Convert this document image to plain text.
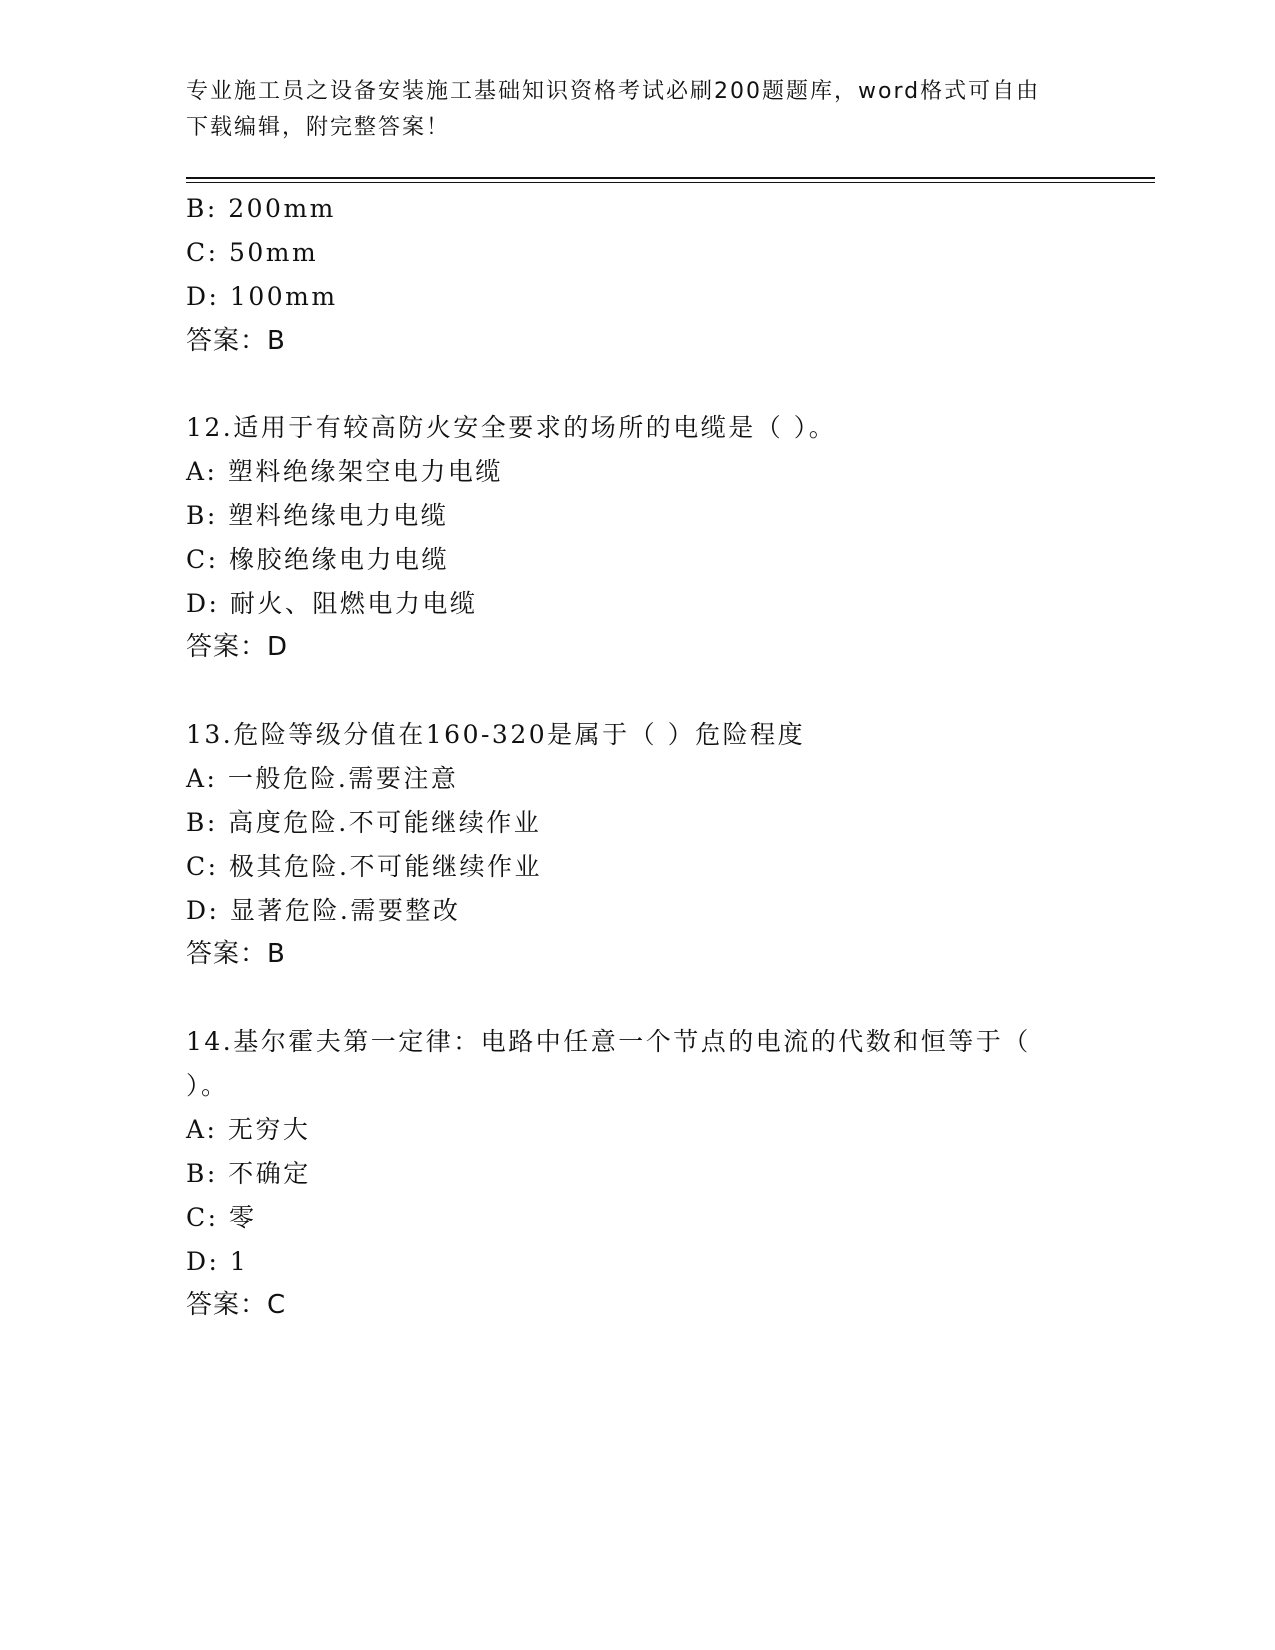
专业施工员之设备安装施工基础知识资格考试必刷200题题库，word格式可自由
下载编辑，附完整答案！
B: 200mm
C: 50mm
D: 100mm
答案：B
12.适用于有较高防火安全要求的场所的电缆是（ ）。
A: 塑料绝缘架空电力电缆
B: 塑料绝缘电力电缆
C: 橡胶绝缘电力电缆
D: 耐火、阻燃电力电缆
答案：D
13.危险等级分值在160-320是属于（ ）危险程度
A: 一般危险.需要注意
B: 高度危险.不可能继续作业
C: 极其危险.不可能继续作业
D: 显著危险.需要整改
答案：B
14.基尔霍夫第一定律：电路中任意一个节点的电流的代数和恒等于（
）。
A: 无穷大
B: 不确定
C: 零
D: 1
答案：C
